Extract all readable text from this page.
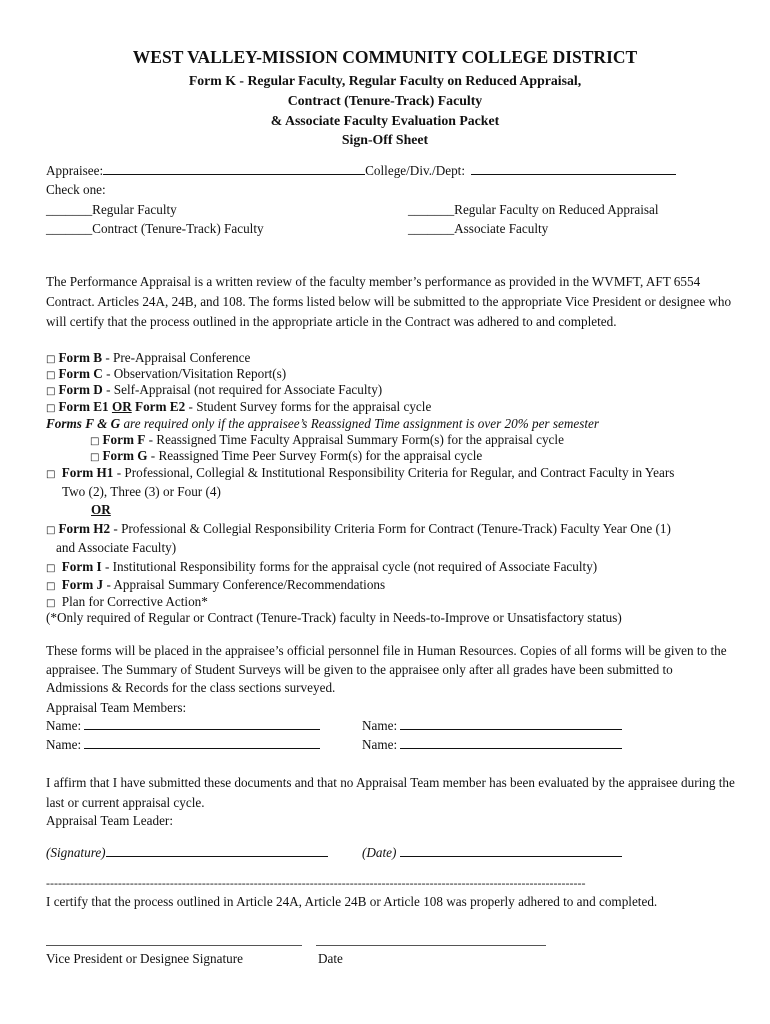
WEST VALLEY-MISSION COMMUNITY COLLEGE DISTRICT
Form K - Regular Faculty, Regular Faculty on Reduced Appraisal,
Contract (Tenure-Track) Faculty
& Associate Faculty Evaluation Packet
Sign-Off Sheet
Appraisee:	College/Div./Dept:
Check one:
_______Regular Faculty	_______Regular Faculty on Reduced Appraisal
_______Contract (Tenure-Track) Faculty	_______Associate Faculty
The Performance Appraisal is a written review of the faculty member’s performance as provided in the WVMFT, AFT 6554 Contract. Articles 24A, 24B, and 108. The forms listed below will be submitted to the appropriate Vice President or designee who will certify that the process outlined in the appropriate article in the Contract was adhered to and completed.
□ Form B - Pre-Appraisal Conference
□ Form C - Observation/Visitation Report(s)
□ Form D - Self-Appraisal (not required for Associate Faculty)
□ Form E1 OR Form E2 - Student Survey forms for the appraisal cycle
Forms F & G are required only if the appraisee’s Reassigned Time assignment is over 20% per semester
□ Form F - Reassigned Time Faculty Appraisal Summary Form(s) for the appraisal cycle
□ Form G - Reassigned Time Peer Survey Form(s) for the appraisal cycle
□ Form H1 - Professional, Collegial & Institutional Responsibility Criteria for Regular, and Contract Faculty in Years
Two (2), Three (3) or Four (4)
OR
□ Form H2 - Professional & Collegial Responsibility Criteria Form for Contract (Tenure-Track) Faculty Year One (1)
and Associate Faculty)
□ Form I - Institutional Responsibility forms for the appraisal cycle (not required of Associate Faculty)
□ Form J - Appraisal Summary Conference/Recommendations
□ Plan for Corrective Action*
(*Only required of Regular or Contract (Tenure-Track) faculty in Needs-to-Improve or Unsatisfactory status)
These forms will be placed in the appraisee’s official personnel file in Human Resources. Copies of all forms will be given to the appraisee. The Summary of Student Surveys will be given to the appraisee only after all grades have been submitted to Admissions & Records for the class sections surveyed.
Appraisal Team Members:
Name:	Name:
Name:	Name:
I affirm that I have submitted these documents and that no Appraisal Team member has been evaluated by the appraisee during the last or current appraisal cycle.
Appraisal Team Leader:
(Signature)	(Date)
---------------------------------------------------------------------------------------------------------------------------------------
I certify that the process outlined in Article 24A, Article 24B or Article 108 was properly adhered to and completed.
Vice President or Designee Signature	Date
